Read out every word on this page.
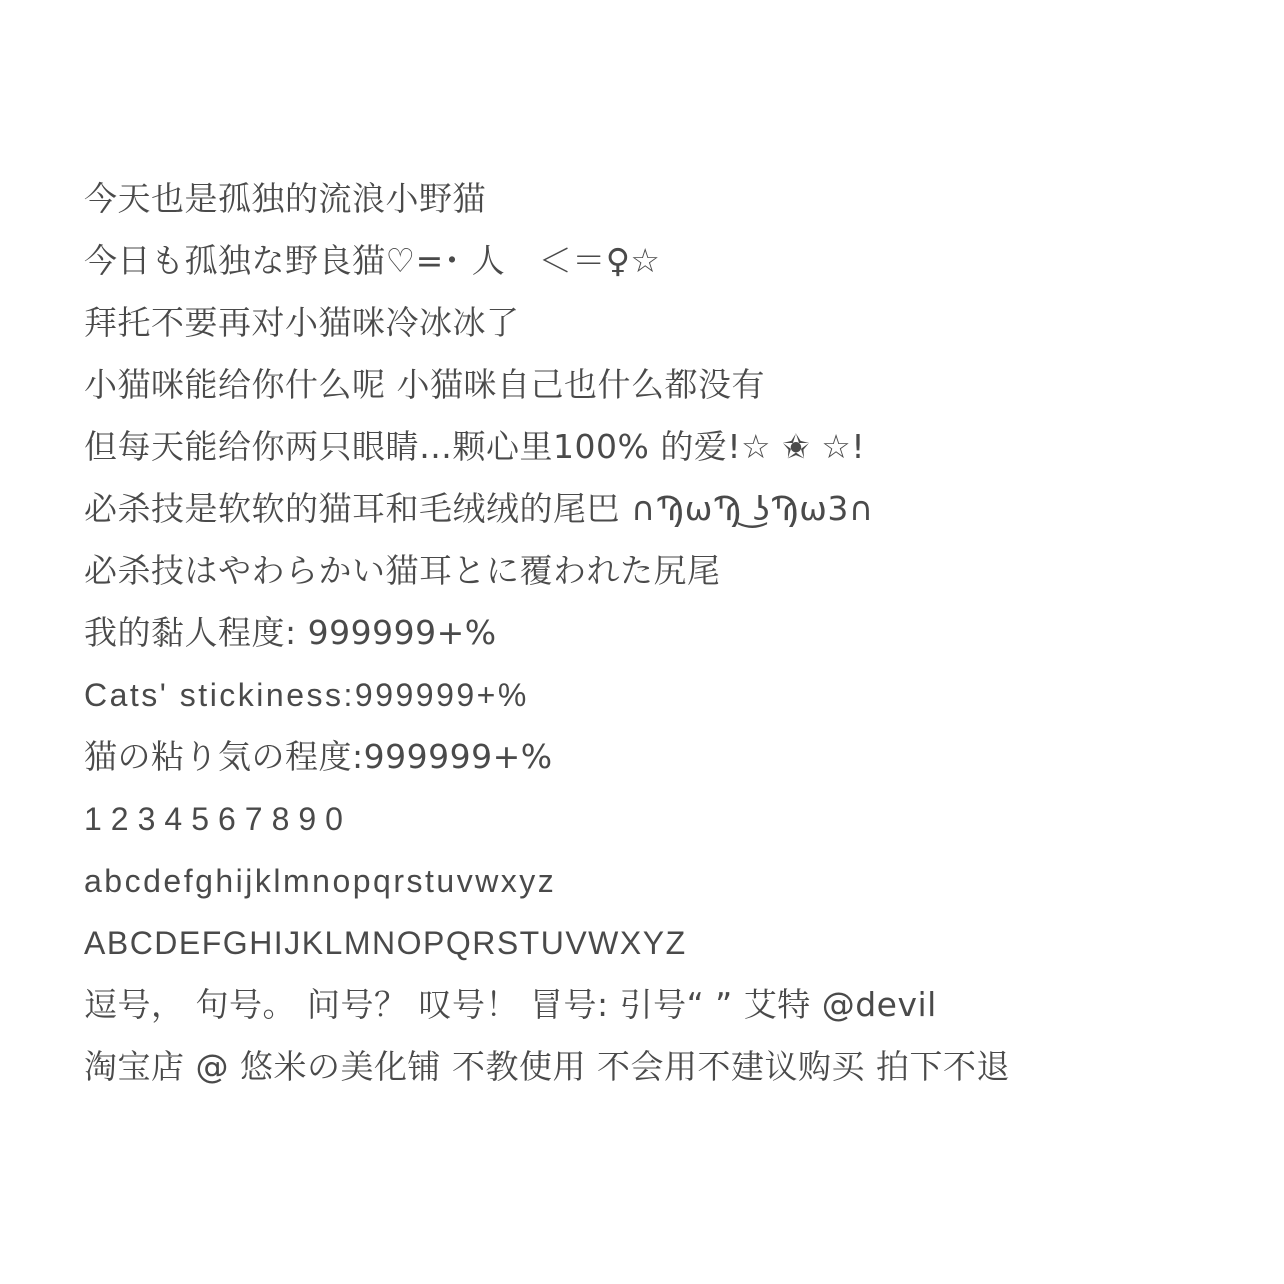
今天也是孤独的流浪小野猫
今日も孤独な野良猫♡=･ 人　＜＝♀☆
拜托不要再对小猫咪冷冰冰了
小猫咪能给你什么呢 小猫咪自己也什么都没有
但每天能给你两只眼睛…颗心里100% 的爱!☆ ✬ ☆!
必杀技是软软的猫耳和毛绒绒的尾巴 ∩ϠωϠ ͜ʖϠω3∩
必杀技はやわらかい猫耳とに覆われた尻尾
我的黏人程度: 999999+%
Cats' stickiness:999999+%
猫の粘り気の程度:999999+%
1234567890
abcdefghijklmnopqrstuvwxyz
ABCDEFGHIJKLMNOPQRSTUVWXYZ
逗号， 句号。 问号？ 叹号！ 冒号: 引号“ ” 艾特 @devil
淘宝店 @ 悠米の美化铺 不教使用 不会用不建议购买 拍下不退
